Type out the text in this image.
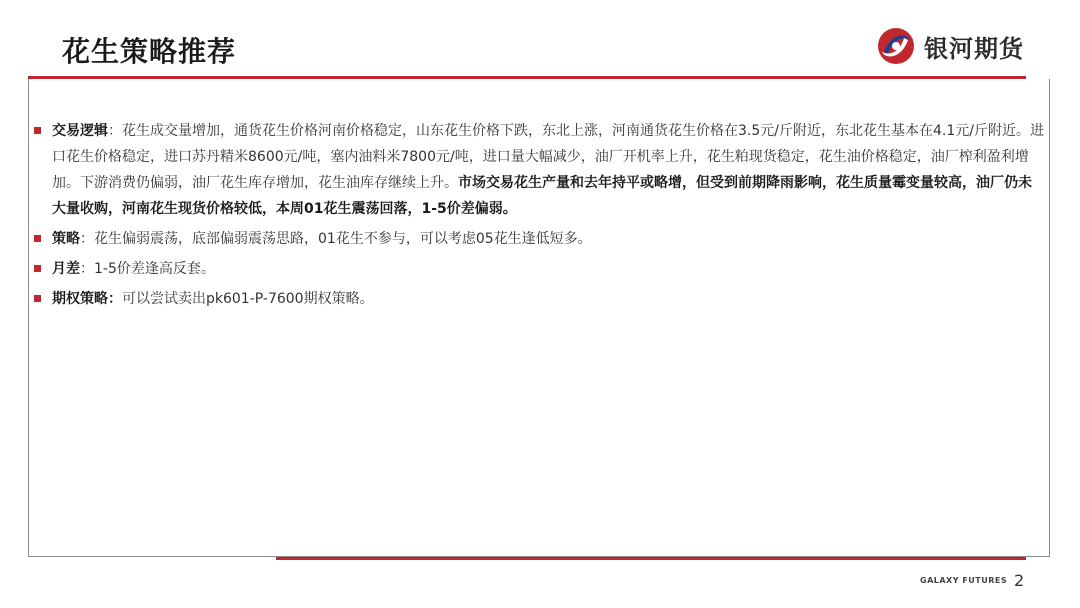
花生策略推荐	银河期货
交易逻辑：花生成交量增加，通货花生价格河南价格稳定，山东花生价格下跌，东北上涨，河南通货花生价格在3.5元/斤附近，东北花生基本在4.1元/斤附近。进口花生价格稳定，进口苏丹精米8600元/吨，塞内油料米7800元/吨，进口量大幅减少，油厂开机率上升，花生粕现货稳定，花生油价格稳定，油厂榨利盈利增加。下游消费仍偏弱，油厂花生库存增加，花生油库存继续上升。市场交易花生产量和去年持平或略增，但受到前期降雨影响，花生质量霉变量较高，油厂仍未大量收购，河南花生现货价格较低，本周01花生震荡回落，1-5价差偏弱。
策略：花生偏弱震荡，底部偏弱震荡思路，01花生不参与，可以考虑05花生逢低短多。
月差：1-5价差逢高反套。
期权策略：可以尝试卖出pk601-P-7600期权策略。
GALAXY FUTURES 2
